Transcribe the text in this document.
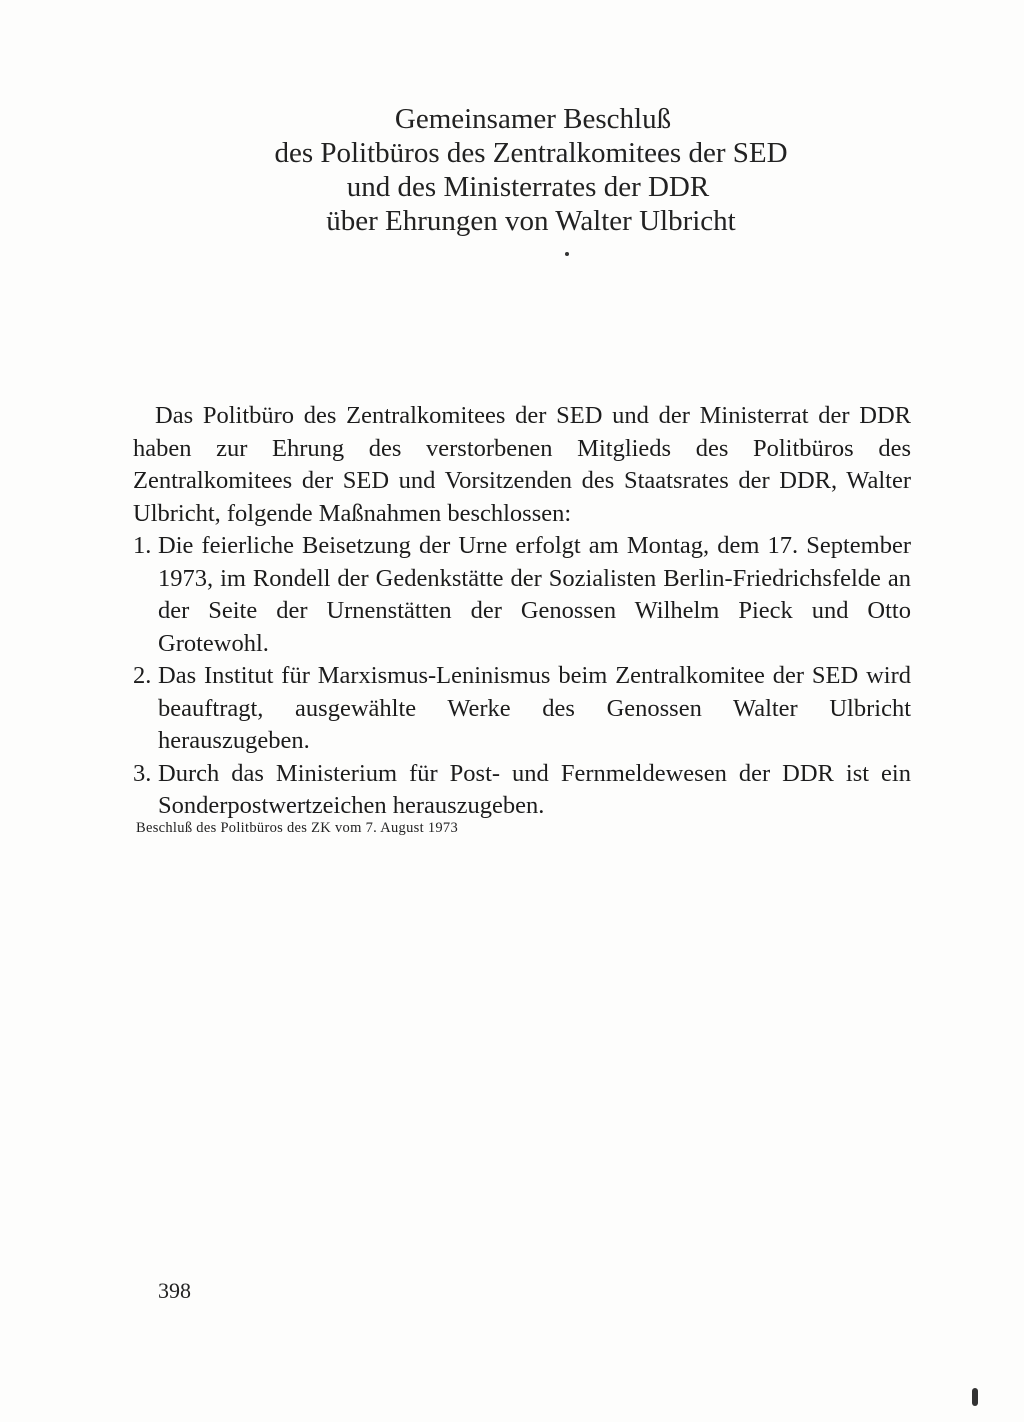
Gemeinsamer Beschluß
des Politbüros des Zentralkomitees der SED
und des Ministerrates der DDR
über Ehrungen von Walter Ulbricht

Das Politbüro des Zentralkomitees der SED und der Ministerrat der DDR haben zur Ehrung des verstorbenen Mitglieds des Politbüros des Zentralkomitees der SED und Vorsitzenden des Staatsrates der DDR, Walter Ulbricht, folgende Maßnahmen beschlossen:

1. Die feierliche Beisetzung der Urne erfolgt am Montag, dem 17. September 1973, im Rondell der Gedenkstätte der Sozialisten Berlin-Friedrichsfelde an der Seite der Urnenstätten der Genossen Wilhelm Pieck und Otto Grotewohl.
2. Das Institut für Marxismus-Leninismus beim Zentralkomitee der SED wird beauftragt, ausgewählte Werke des Genossen Walter Ulbricht herauszugeben.
3. Durch das Ministerium für Post- und Fernmeldewesen der DDR ist ein Sonderpostwertzeichen herauszugeben.
Beschluß des Politbüros des ZK vom 7. August 1973
398
